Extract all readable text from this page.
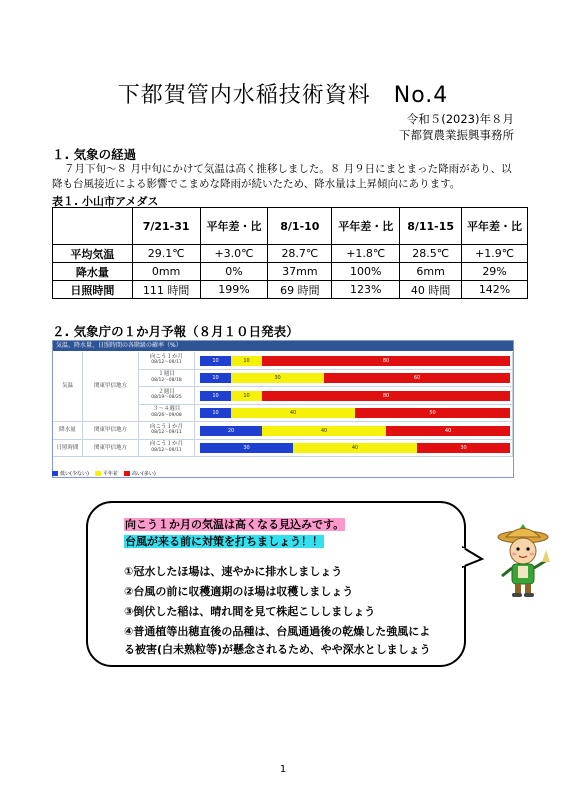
下都賀管内水稲技術資料　No.4
令和５(2023)年８月
下都賀農業振興事務所
１. 気象の経過
７月下旬～８ 月中旬にかけて気温は高く推移しました。８ 月９日にまとまった降雨があり、以降も台風接近による影響でこまめな降雨が続いたため、降水量は上昇傾向にあります。
表１. 小山市アメダス
	7/21-31	平年差・比	8/1-10	平年差・比	8/11-15	平年差・比
平均気温	29.1℃	+3.0℃	28.7℃	+1.8℃	28.5℃	+1.9℃
降水量	0mm	0%	37mm	100%	6mm	29%
日照時間	111 時間	199%	69 時間	123%	40 時間	142%
２. 気象庁の１か月予報（８月１０日発表）
気温、降水量、日照時間の各階級の確率（%）
気温	関東甲信地方
降水量	関東甲信地方
日照時間	関東甲信地方
向こう１か月
08/12～09/11	10	10	80
１週目
08/12～08/18	10	30	60
２週目
08/19～08/25	10	10	80
３～４週目
08/26～09/08	10	40	50
向こう１か月
08/12～09/11	20	40	40
向こう１か月
08/12～09/11	30	40	30
低い(少ない)	平年並	高い(多い)
向こう１か月の気温は高くなる見込みです。
台風が来る前に対策を打ちましょう！！
①冠水したほ場は、速やかに排水しましょう
②台風の前に収穫適期のほ場は収穫しましょう
③倒伏した稲は、晴れ間を見て株起こししましょう
④普通植等出穂直後の品種は、台風通過後の乾燥した強風によ
る被害(白未熟粒等)が懸念されるため、やや深水としましょう
1
